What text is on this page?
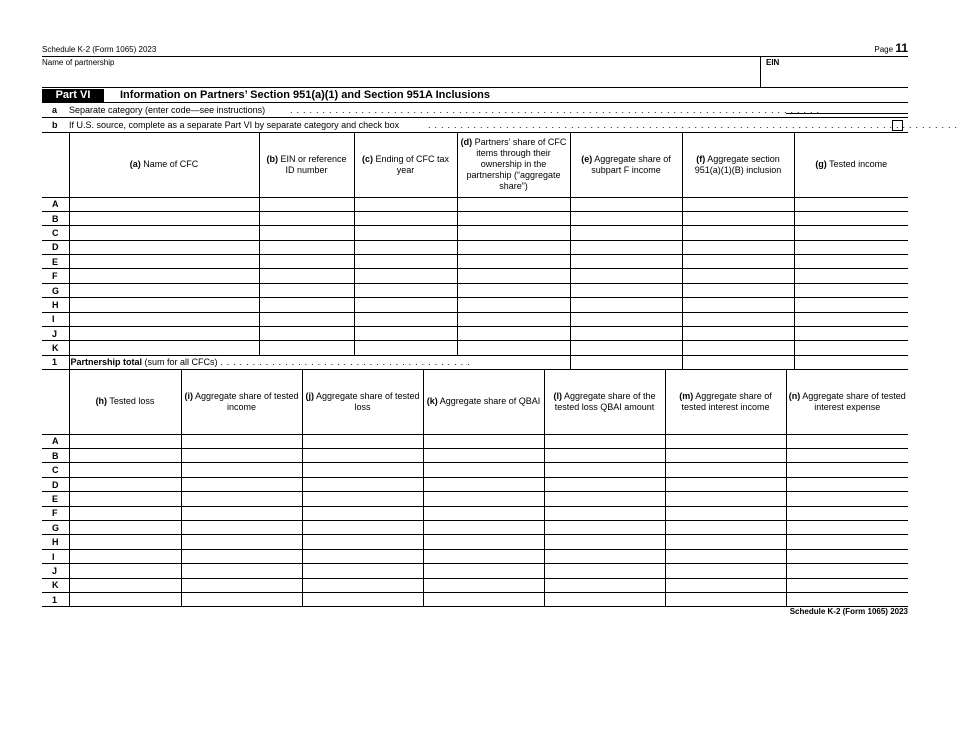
Schedule K-2 (Form 1065) 2023	Page 11
Name of partnership	EIN
Part VI	Information on Partners’ Section 951(a)(1) and Section 951A Inclusions
a Separate category (enter code—see instructions)	..................................................................................
b If U.S. source, complete as a separate Part VI by separate category and check box	..................................................................................
	(a) Name of CFC	(b) EIN or reference ID number	(c) Ending of CFC tax year	(d) Partners’ share of CFC items through their ownership in the partnership (“aggregate share”)	(e) Aggregate share of subpart F income	(f) Aggregate section 951(a)(1)(B) inclusion	(g) Tested income
A							
B							
C							
D							
E							
F							
G							
H							
I							
J							
K							
1	Partnership total (sum for all CFCs) .......................................						
	(h) Tested loss	(i) Aggregate share of tested income	(j) Aggregate share of tested loss	(k) Aggregate share of QBAI	(l) Aggregate share of the tested loss QBAI amount	(m) Aggregate share of tested interest income	(n) Aggregate share of tested interest expense
A							
B							
C							
D							
E							
F							
G							
H							
I							
J							
K							
1							
Schedule K-2 (Form 1065) 2023
